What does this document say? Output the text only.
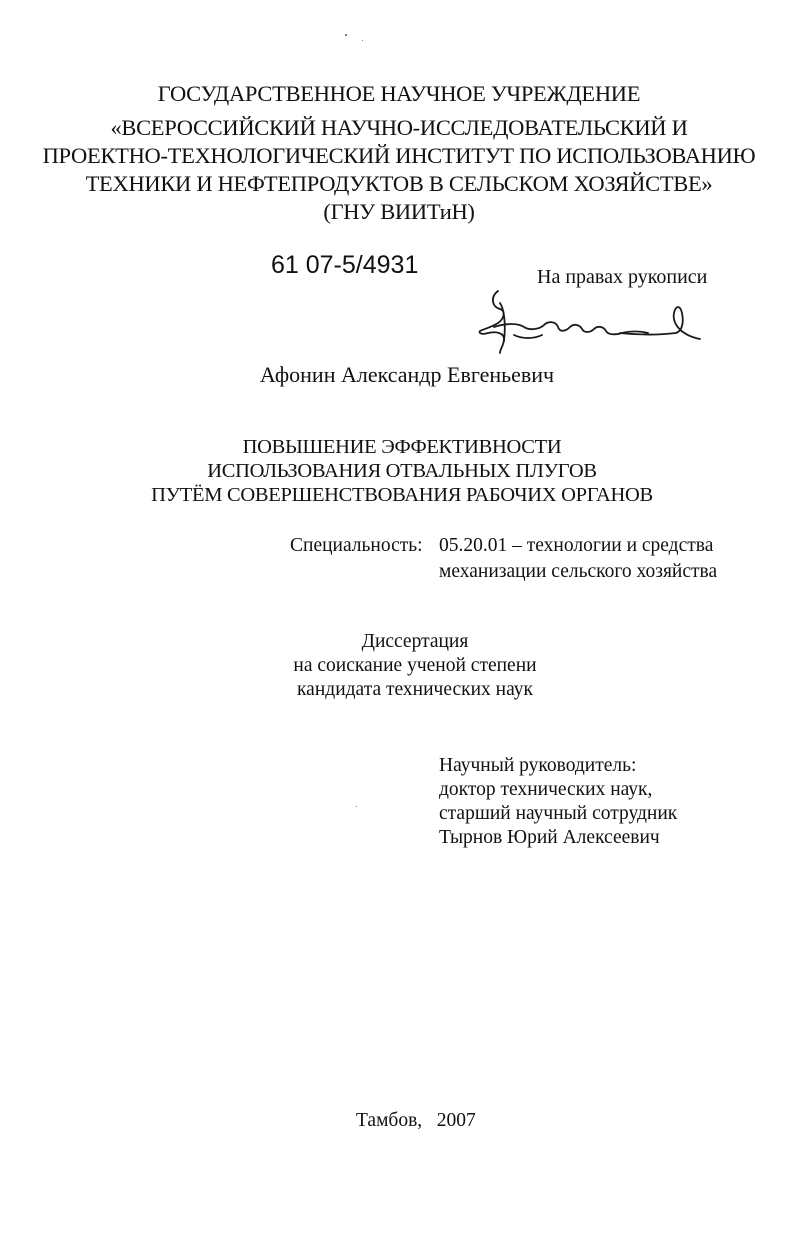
ГОСУДАРСТВЕННОЕ НАУЧНОЕ УЧРЕЖДЕНИЕ
«ВСЕРОССИЙСКИЙ НАУЧНО-ИССЛЕДОВАТЕЛЬСКИЙ И
ПРОЕКТНО-ТЕХНОЛОГИЧЕСКИЙ ИНСТИТУТ ПО ИСПОЛЬЗОВАНИЮ
ТЕХНИКИ И НЕФТЕПРОДУКТОВ В СЕЛЬСКОМ ХОЗЯЙСТВЕ»
(ГНУ ВИИТиН)
61 07-5/4931	На правах рукописи
Афонин Александр Евгеньевич
ПОВЫШЕНИЕ ЭФФЕКТИВНОСТИ
ИСПОЛЬЗОВАНИЯ ОТВАЛЬНЫХ ПЛУГОВ
ПУТЁМ СОВЕРШЕНСТВОВАНИЯ РАБОЧИХ ОРГАНОВ
Специальность: 05.20.01 – технологии и средства
механизации сельского хозяйства
Диссертация
на соискание ученой степени
кандидата технических наук
Научный руководитель:
доктор технических наук,
старший научный сотрудник
Тырнов Юрий Алексеевич
Тамбов,   2007
